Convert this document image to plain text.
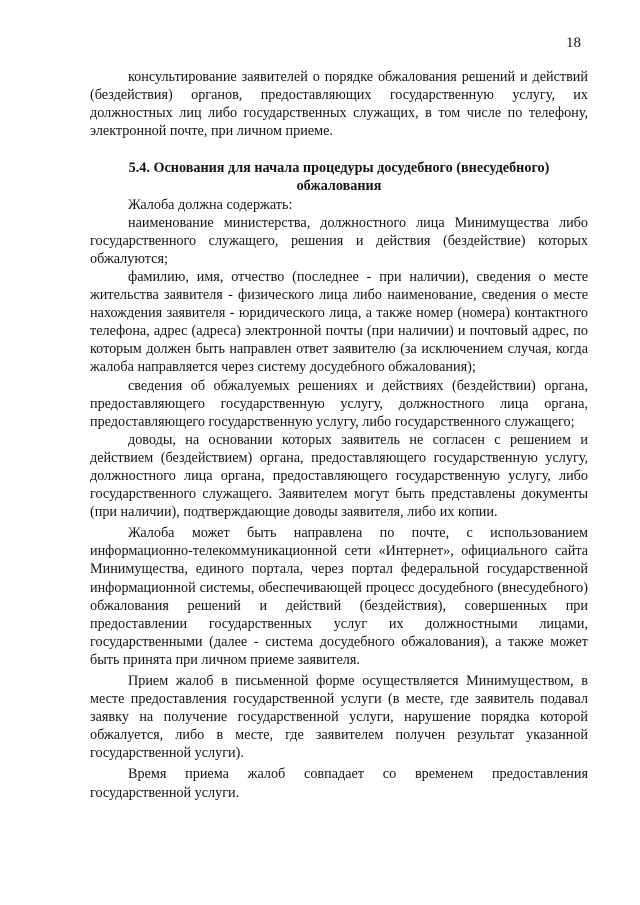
18

консультирование заявителей о порядке обжалования решений и действий (бездействия) органов, предоставляющих государственную услугу, их должностных лиц либо государственных служащих, в том числе по телефону, электронной почте, при личном приеме.

5.4. Основания для начала процедуры досудебного (внесудебного) обжалования

Жалоба должна содержать:

наименование министерства, должностного лица Минимущества либо государственного служащего, решения и действия (бездействие) которых обжалуются;

фамилию, имя, отчество (последнее - при наличии), сведения о месте жительства заявителя - физического лица либо наименование, сведения о месте нахождения заявителя - юридического лица, а также номер (номера) контактного телефона, адрес (адреса) электронной почты (при наличии) и почтовый адрес, по которым должен быть направлен ответ заявителю (за исключением случая, когда жалоба направляется через систему досудебного обжалования);

сведения об обжалуемых решениях и действиях (бездействии) органа, предоставляющего государственную услугу, должностного лица органа, предоставляющего государственную услугу, либо государственного служащего;

доводы, на основании которых заявитель не согласен с решением и действием (бездействием) органа, предоставляющего государственную услугу, должностного лица органа, предоставляющего государственную услугу, либо государственного служащего. Заявителем могут быть представлены документы (при наличии), подтверждающие доводы заявителя, либо их копии.

Жалоба может быть направлена по почте, с использованием информационно-телекоммуникационной сети «Интернет», официального сайта Минимущества, единого портала, через портал федеральной государственной информационной системы, обеспечивающей процесс досудебного (внесудебного) обжалования решений и действий (бездействия), совершенных при предоставлении государственных услуг их должностными лицами, государственными (далее - система досудебного обжалования), а также может быть принята при личном приеме заявителя.

Прием жалоб в письменной форме осуществляется Минимуществом, в месте предоставления государственной услуги (в месте, где заявитель подавал заявку на получение государственной услуги, нарушение порядка которой обжалуется, либо в месте, где заявителем получен результат указанной государственной услуги).

Время приема жалоб совпадает со временем предоставления государственной услуги.
